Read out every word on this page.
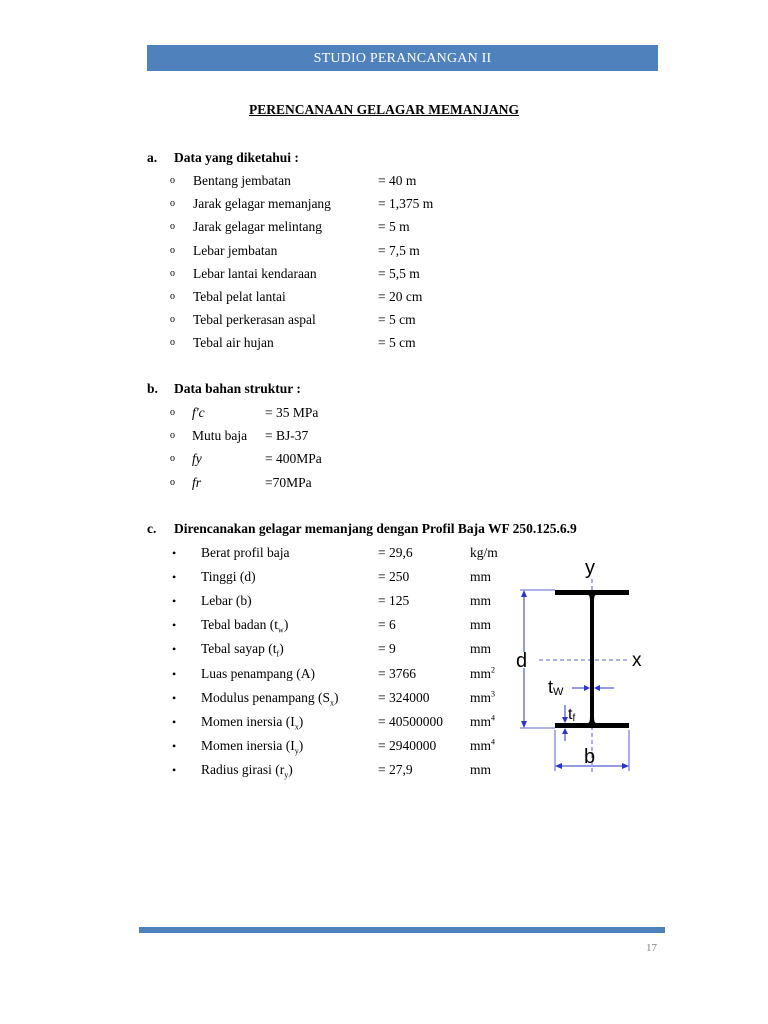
STUDIO PERANCANGAN II
PERENCANAAN GELAGAR MEMANJANG
a. Data yang diketahui :
o Bentang jembatan	= 40 m
o Jarak gelagar memanjang	= 1,375 m
o Jarak gelagar melintang	= 5 m
o Lebar jembatan	= 7,5 m
o Lebar lantai kendaraan	= 5,5 m
o Tebal pelat lantai	= 20 cm
o Tebal perkerasan aspal	= 5 cm
o Tebal air hujan	= 5 cm
b. Data bahan struktur :
o f'c	= 35 MPa
o Mutu baja = BJ-37
o fy	= 400MPa
o fr	=70MPa
c. Direncanakan gelagar memanjang dengan Profil Baja WF 250.125.6.9
• Berat profil baja	= 29,6	kg/m
• Tinggi (d)	= 250	mm
• Lebar (b)	= 125	mm
• Tebal badan $(t_w)$	= 6	mm
• Tebal sayap $(t_f)$	= 9	mm
• Luas penampang (A)	= 3766	$mm^2$
• Modulus penampang $(S_x)$	= 324000	$mm^3$
• Momen inersia $(I_x)$	= 40500000 $mm^4$
• Momen inersia $(I_y)$	= 2940000	$mm^4$
• Radius girasi $(r_y)$	= 27,9	mm
y
x
d
b
tW
tf
17
